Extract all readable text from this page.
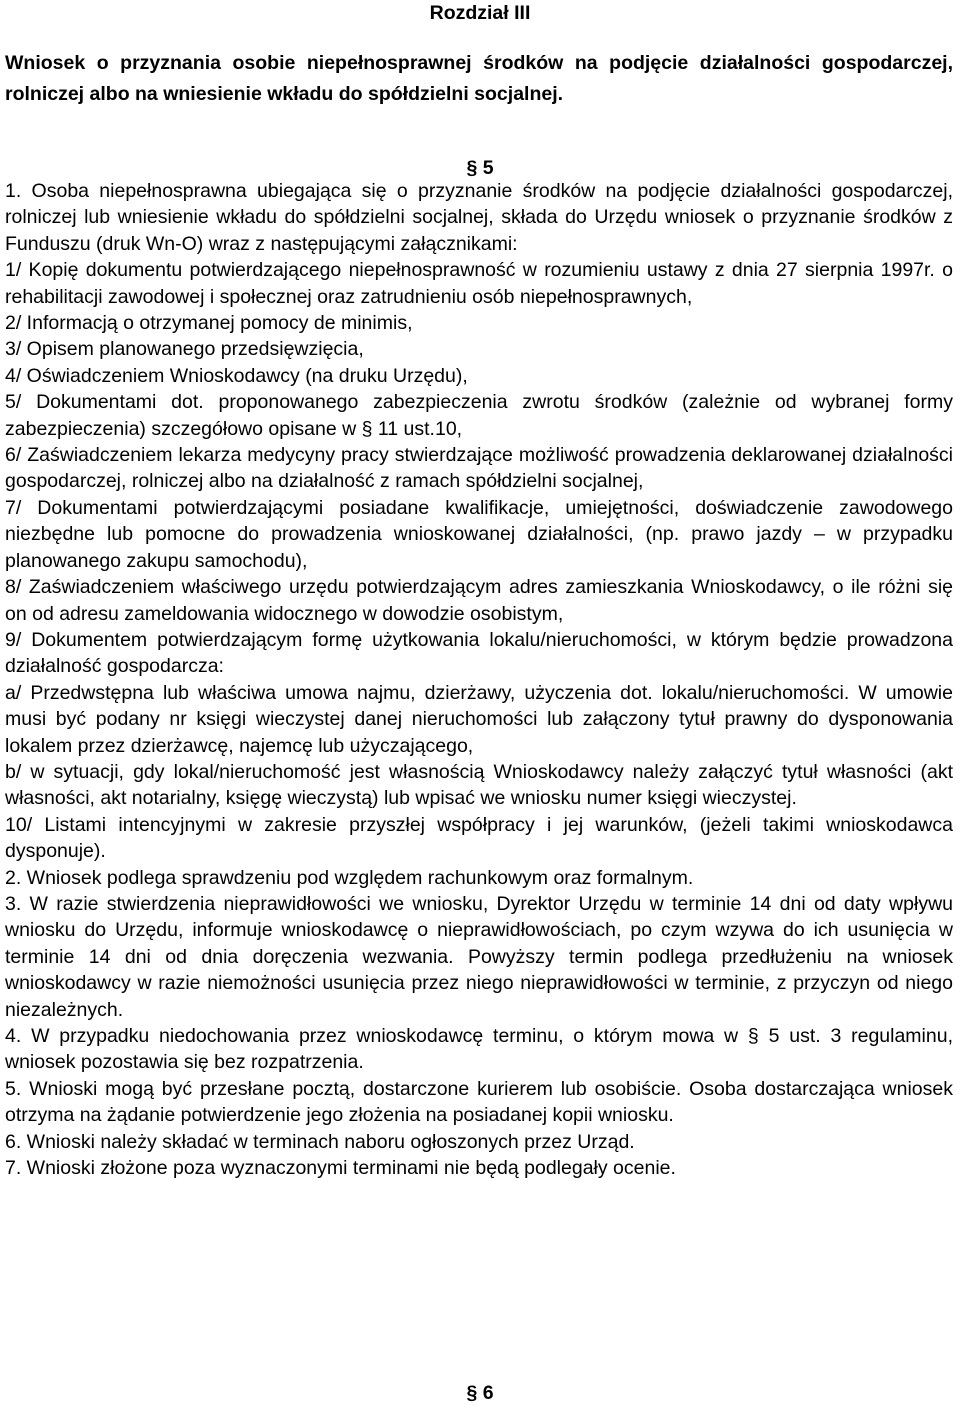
Rozdział III
Wniosek o przyznania osobie niepełnosprawnej środków na podjęcie działalności gospodarczej, rolniczej albo na wniesienie wkładu do spółdzielni socjalnej.
§ 5

1. Osoba niepełnosprawna ubiegająca się o przyznanie środków na podjęcie działalności gospodarczej, rolniczej lub wniesienie wkładu do spółdzielni socjalnej, składa do Urzędu wniosek o przyznanie środków z Funduszu (druk Wn-O) wraz z następującymi załącznikami:

1/ Kopię dokumentu potwierdzającego niepełnosprawność w rozumieniu ustawy z dnia 27 sierpnia 1997r. o rehabilitacji zawodowej i społecznej oraz zatrudnieniu osób niepełnosprawnych,

2/ Informacją o otrzymanej pomocy de minimis,

3/ Opisem planowanego przedsięwzięcia,

4/ Oświadczeniem Wnioskodawcy (na druku Urzędu),

5/ Dokumentami dot. proponowanego zabezpieczenia zwrotu środków (zależnie od wybranej formy zabezpieczenia) szczegółowo opisane w § 11 ust.10,

6/ Zaświadczeniem lekarza medycyny pracy stwierdzające możliwość prowadzenia deklarowanej działalności gospodarczej, rolniczej albo na działalność z ramach spółdzielni socjalnej,

7/ Dokumentami potwierdzającymi posiadane kwalifikacje, umiejętności, doświadczenie zawodowego niezbędne lub pomocne do prowadzenia wnioskowanej działalności, (np. prawo jazdy – w przypadku planowanego zakupu samochodu),

8/ Zaświadczeniem właściwego urzędu potwierdzającym adres zamieszkania Wnioskodawcy, o ile różni się on od adresu zameldowania widocznego w dowodzie osobistym,

9/ Dokumentem potwierdzającym formę użytkowania lokalu/nieruchomości, w którym będzie prowadzona działalność gospodarcza:

a/ Przedwstępna lub właściwa umowa najmu, dzierżawy, użyczenia dot. lokalu/nieruchomości. W umowie musi być podany nr księgi wieczystej danej nieruchomości lub załączony tytuł prawny do dysponowania lokalem przez dzierżawcę, najemcę lub użyczającego,

b/ w sytuacji, gdy lokal/nieruchomość jest własnością Wnioskodawcy należy załączyć tytuł własności (akt własności, akt notarialny, księgę wieczystą) lub wpisać we wniosku numer księgi wieczystej.

10/ Listami intencyjnymi w zakresie przyszłej współpracy i jej warunków, (jeżeli takimi wnioskodawca dysponuje).

2. Wniosek podlega sprawdzeniu pod względem rachunkowym oraz formalnym.

3. W razie stwierdzenia nieprawidłowości we wniosku, Dyrektor Urzędu w terminie 14 dni od daty wpływu wniosku do Urzędu, informuje wnioskodawcę o nieprawidłowościach, po czym wzywa do ich usunięcia w terminie 14 dni od dnia doręczenia wezwania. Powyższy termin podlega przedłużeniu na wniosek wnioskodawcy w razie niemożności usunięcia przez niego nieprawidłowości w terminie, z przyczyn od niego niezależnych.

4. W przypadku niedochowania przez wnioskodawcę terminu, o którym mowa w § 5 ust. 3 regulaminu, wniosek pozostawia się bez rozpatrzenia.

5. Wnioski mogą być przesłane pocztą, dostarczone kurierem lub osobiście. Osoba dostarczająca wniosek otrzyma na żądanie potwierdzenie jego złożenia na posiadanej kopii wniosku.

6. Wnioski należy składać w terminach naboru ogłoszonych przez Urząd.

7. Wnioski złożone poza wyznaczonymi terminami nie będą podlegały ocenie.

§ 6
